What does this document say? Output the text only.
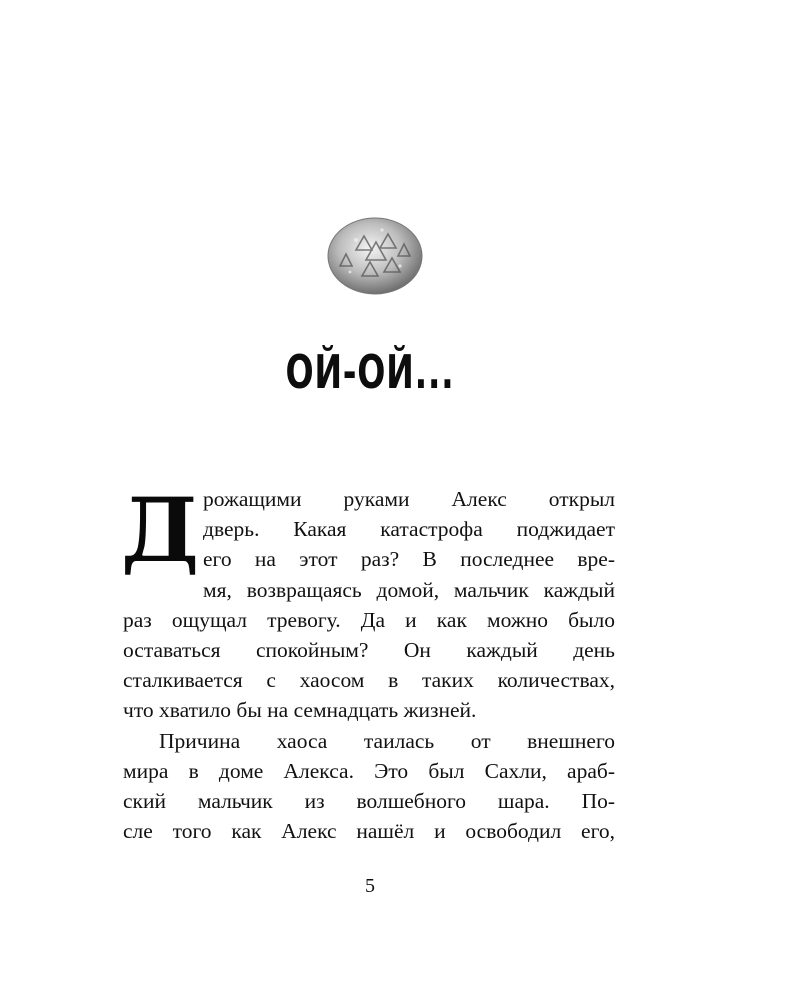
ОЙ-ОЙ...
Д рожащими руками Алекс открыл
дверь. Какая катастрофа поджидает
его на этот раз? В последнее вре-
мя, возвращаясь домой, мальчик каждый
раз ощущал тревогу. Да и как можно было
оставаться спокойным? Он каждый день
сталкивается с хаосом в таких количествах,
что хватило бы на семнадцать жизней.
Причина хаоса таилась от внешнего
мира в доме Алекса. Это был Сахли, араб-
ский мальчик из волшебного шара. По-
сле того как Алекс нашёл и освободил его,
5
